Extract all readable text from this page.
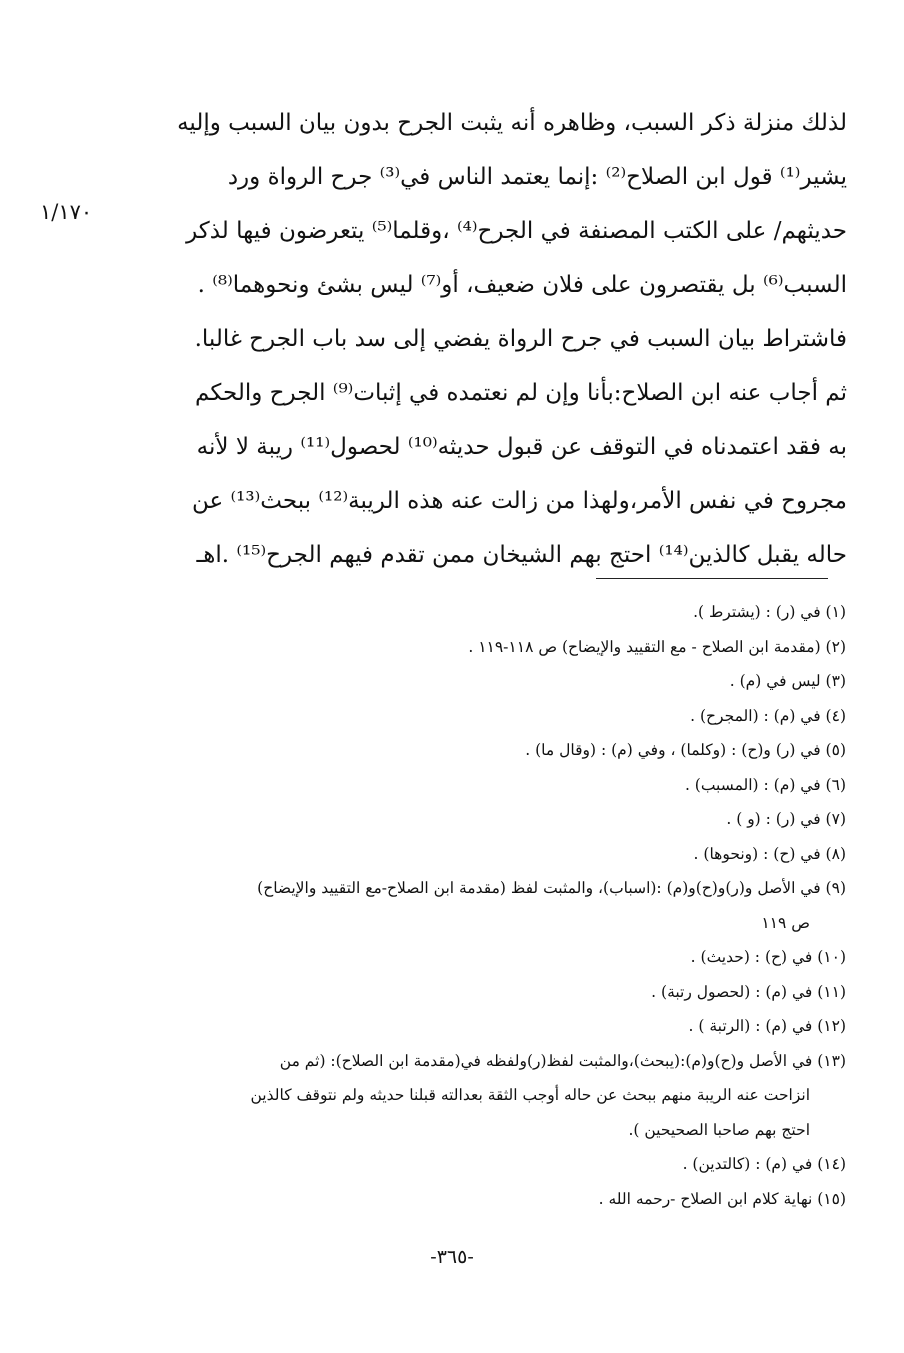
١/١٧٠
لذلك منزلة ذكر السبب، وظاهره أنه يثبت الجرح بدون بيان السبب وإليه
يشير⁽¹⁾ قول ابن الصلاح⁽²⁾ :إنما يعتمد الناس في⁽³⁾ جرح الرواة ورد
حديثهم/ على الكتب المصنفة في الجرح⁽⁴⁾ ،وقلما⁽⁵⁾ يتعرضون فيها لذكر
السبب⁽⁶⁾ بل يقتصرون على فلان ضعيف، أو⁽⁷⁾ ليس بشئ ونحوهما⁽⁸⁾ .
فاشتراط بيان السبب في جرح الرواة يفضي إلى سد باب الجرح غالبا.
ثم أجاب عنه ابن الصلاح:بأنا وإن لم نعتمده في إثبات⁽⁹⁾ الجرح والحكم
به فقد اعتمدناه في التوقف عن قبول حديثه⁽¹⁰⁾ لحصول⁽¹¹⁾ ريبة لا لأنه
مجروح في نفس الأمر،ولهذا من زالت عنه هذه الريبة⁽¹²⁾ ببحث⁽¹³⁾ عن
حاله يقبل كالذين⁽¹⁴⁾ احتج بهم الشيخان ممن تقدم فيهم الجرح⁽¹⁵⁾ .اهـ
(١) في (ر) : (يشترط ).
(٢) (مقدمة ابن الصلاح - مع التقييد والإيضاح) ص ١١٨-١١٩ .
(٣) ليس في (م) .
(٤) في (م) : (المجرح) .
(٥) في (ر) و(ح) : (وكلما) ، وفي (م) : (وقال ما) .
(٦) في (م) : (المسبب) .
(٧) في (ر) : (و ) .
(٨) في (ح) : (ونحوها) .
(٩) في الأصل و(ر)و(ح)و(م) :(اسباب)، والمثبت لفظ (مقدمة ابن الصلاح-مع التقييد والإيضاح)
ص ١١٩
(١٠) في (ح) : (حديث) .
(١١) في (م) : (لحصول رتبة) .
(١٢) في (م) : (الرتبة ) .
(١٣) في الأصل و(ح)و(م):(يبحث)،والمثبت لفظ(ر)ولفظه في(مقدمة ابن الصلاح): (ثم من
انزاحت عنه الريبة منهم ببحث عن حاله أوجب الثقة بعدالته قبلنا حديثه ولم نتوقف كالذين
احتج بهم صاحبا الصحيحين ).
(١٤) في (م) : (كالتدين) .
(١٥) نهاية كلام ابن الصلاح -رحمه الله .
-٣٦٥-
